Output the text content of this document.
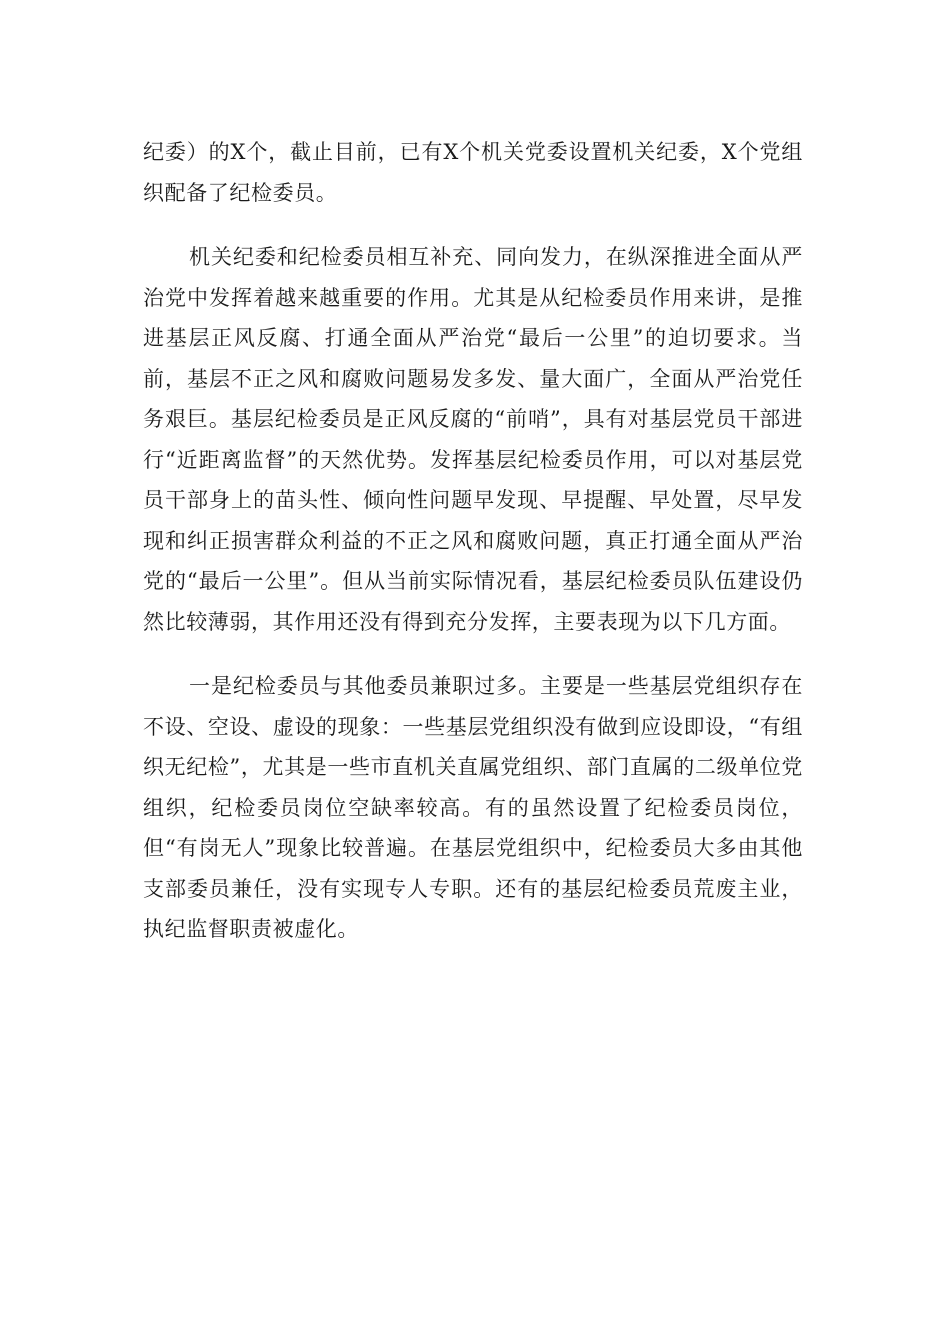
纪委）的X个，截止目前，已有X个机关党委设置机关纪委，X个党组织配备了纪检委员。

机关纪委和纪检委员相互补充、同向发力，在纵深推进全面从严治党中发挥着越来越重要的作用。尤其是从纪检委员作用来讲，是推进基层正风反腐、打通全面从严治党“最后一公里”的迫切要求。当前，基层不正之风和腐败问题易发多发、量大面广，全面从严治党任务艰巨。基层纪检委员是正风反腐的“前哨”，具有对基层党员干部进行“近距离监督”的天然优势。发挥基层纪检委员作用，可以对基层党员干部身上的苗头性、倾向性问题早发现、早提醒、早处置，尽早发现和纠正损害群众利益的不正之风和腐败问题，真正打通全面从严治党的“最后一公里”。但从当前实际情况看，基层纪检委员队伍建设仍然比较薄弱，其作用还没有得到充分发挥，主要表现为以下几方面。

一是纪检委员与其他委员兼职过多。主要是一些基层党组织存在不设、空设、虚设的现象：一些基层党组织没有做到应设即设，“有组织无纪检”，尤其是一些市直机关直属党组织、部门直属的二级单位党组织，纪检委员岗位空缺率较高。有的虽然设置了纪检委员岗位，但“有岗无人”现象比较普遍。在基层党组织中，纪检委员大多由其他支部委员兼任，没有实现专人专职。还有的基层纪检委员荒废主业，执纪监督职责被虚化。
